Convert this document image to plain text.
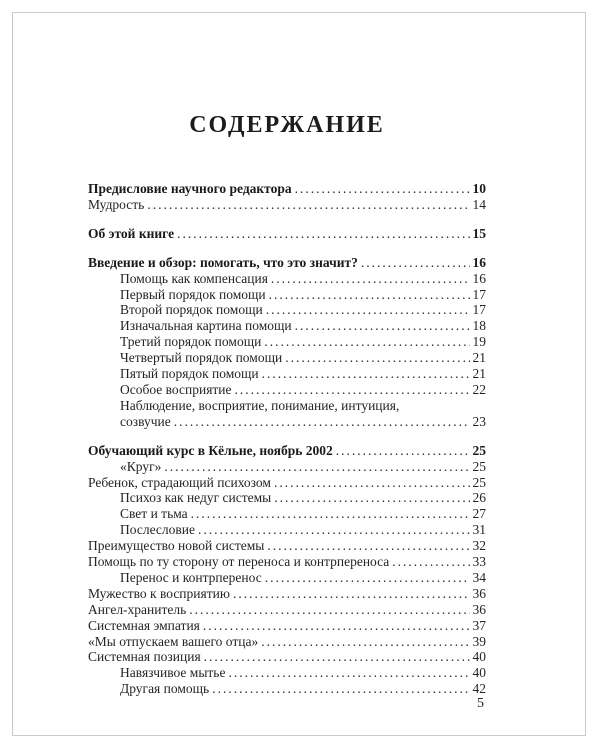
СОДЕРЖАНИЕ
Предисловие научного редактора .....	10
Мудрость .....	14
Об этой книге .....	15
Введение и обзор: помогать, что это значит? .....	16
Помощь как компенсация .....	16
Первый порядок помощи .....	17
Второй порядок помощи .....	17
Изначальная картина помощи .....	18
Третий порядок помощи .....	19
Четвертый порядок помощи .....	21
Пятый порядок помощи .....	21
Особое восприятие .....	22
Наблюдение, восприятие, понимание, интуиция,
созвучие .....	23
Обучающий курс в Кёльне, ноябрь 2002 .....	25
«Круг» .....	25
Ребенок, страдающий психозом .....	25
Психоз как недуг системы .....	26
Свет и тьма .....	27
Послесловие .....	31
Преимущество новой системы .....	32
Помощь по ту сторону от переноса и контрпереноса .....	33
Перенос и контрперенос .....	34
Мужество к восприятию .....	36
Ангел-хранитель .....	36
Системная эмпатия .....	37
«Мы отпускаем вашего отца» .....	39
Системная позиция .....	40
Навязчивое мытье .....	40
Другая помощь .....	42
5
